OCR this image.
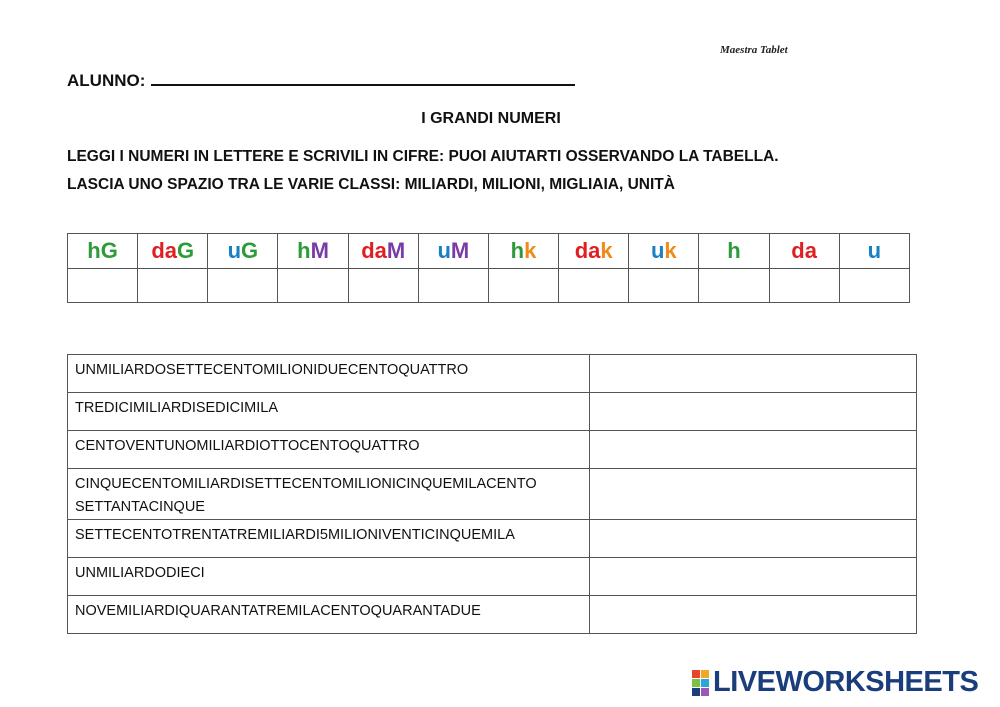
Maestra Tablet
ALUNNO:
I GRANDI NUMERI
LEGGI I NUMERI IN LETTERE E SCRIVILI IN CIFRE: PUOI AIUTARTI OSSERVANDO LA TABELLA.
LASCIA UNO SPAZIO TRA LE VARIE CLASSI: MILIARDI, MILIONI, MIGLIAIA, UNITÀ
hG	daG	uG	hM	daM	uM	hk	dak	uk	h	da	u

UNMILIARDOSETTECENTOMILIONIDUECENTOQUATTRO	
TREDICIMILIARDISEDICIMILA	
CENTOVENTUNOMILIARDIOTTOCENTOQUATTRO	
CINQUECENTOMILIARDISETTECENTOMILIONICINQUEMILACENTO SETTANTACINQUE	
SETTECENTOTRENTATREMILIARDI5MILIONIVENTICINQUEMILA	
UNMILIARDODIECI	
NOVEMILIARDIQUARANTATREMILACENTOQUARANTADUE	
LIVEWORKSHEETS
